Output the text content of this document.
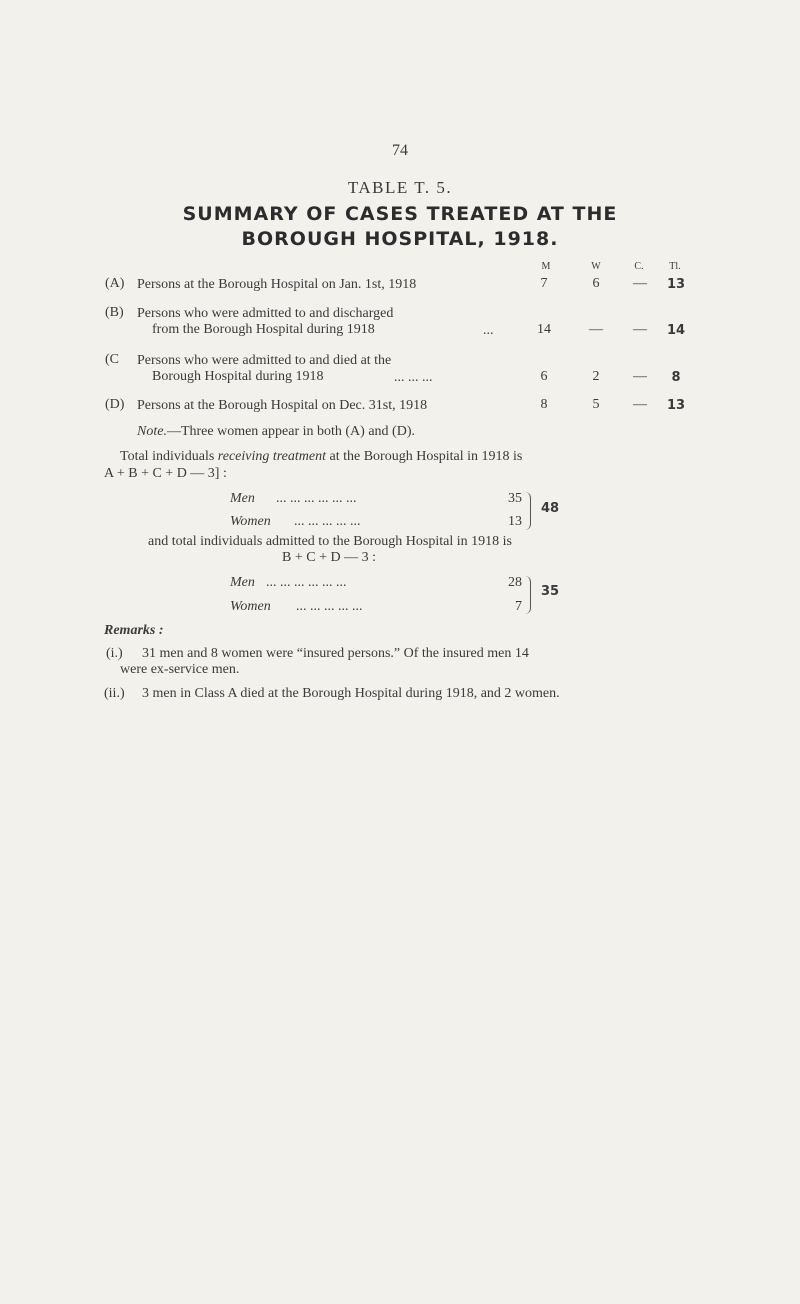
74
TABLE T. 5.
SUMMARY OF CASES TREATED AT THE
BOROUGH HOSPITAL, 1918.
M	W	C.	Tl.
(A) Persons at the Borough Hospital on Jan. 1st, 1918	7	6	—	13
(B) Persons who were admitted to and discharged
from the Borough Hospital during 1918	...	14	—	—	14
(C Persons who were admitted to and died at the
Borough Hospital during 1918	... ... ...	6	2	—	8
(D) Persons at the Borough Hospital on Dec. 31st, 1918	8	5	—	13
Note.—Three women appear in both (A) and (D).
Total individuals receiving treatment at the Borough Hospital in 1918 is
A + B + C + D — 3] :
Men ... ... ... ... ... ...	35
Women ... ... ... ... ...	13
48
and total individuals admitted to the Borough Hospital in 1918 is
B + C + D — 3 :
Men ... ... ... ... ... ...	28
Women ... ... ... ... ...	7
35
Remarks :
(i.) 31 men and 8 women were “insured persons.” Of the insured men 14
were ex-service men.
(ii.) 3 men in Class A died at the Borough Hospital during 1918, and 2 women.
